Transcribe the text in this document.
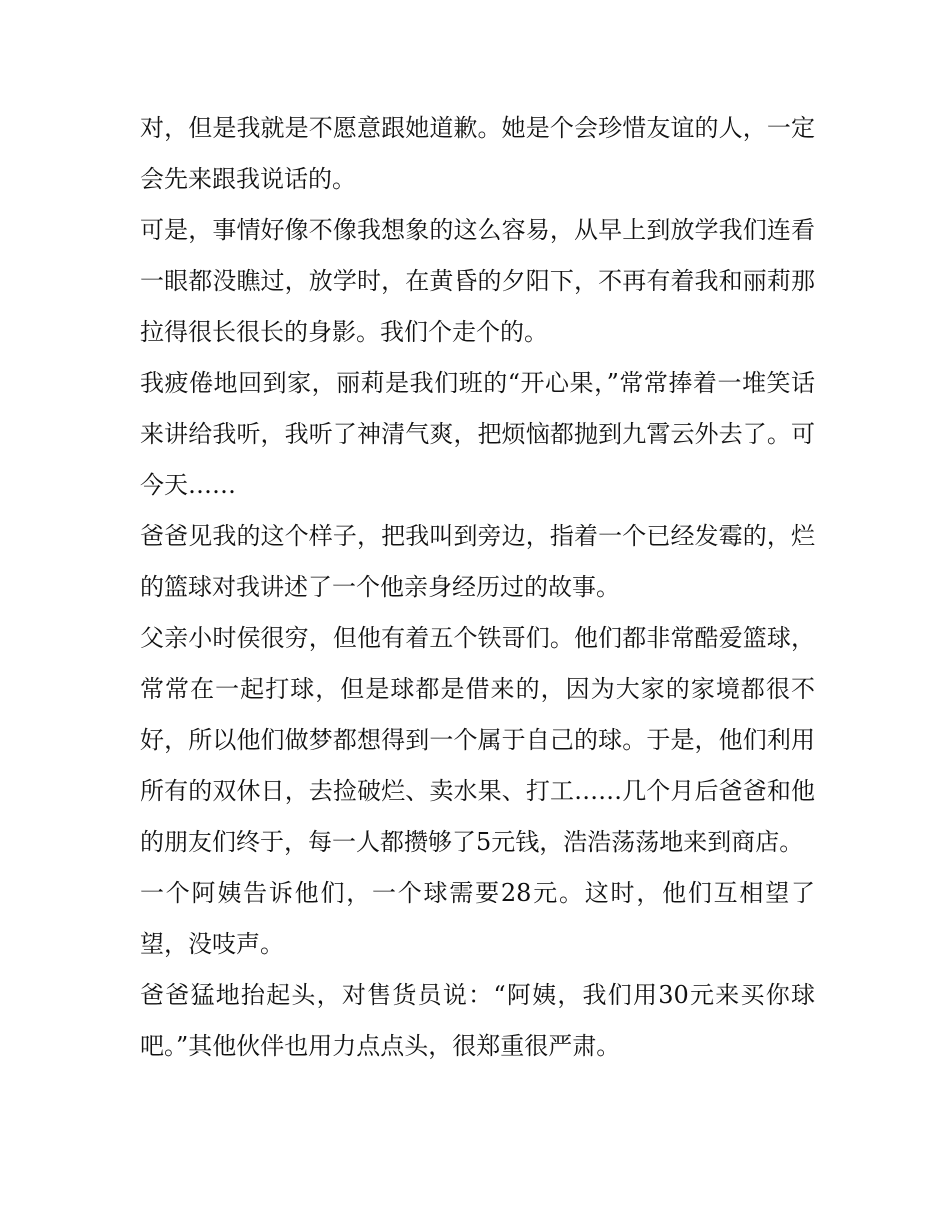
对，但是我就是不愿意跟她道歉。她是个会珍惜友谊的人，一定会先来跟我说话的。

可是，事情好像不像我想象的这么容易，从早上到放学我们连看一眼都没瞧过，放学时，在黄昏的夕阳下，不再有着我和丽莉那拉得很长很长的身影。我们个走个的。

我疲倦地回到家，丽莉是我们班的“开心果，”常常捧着一堆笑话来讲给我听，我听了神清气爽，把烦恼都抛到九霄云外去了。可今天……

爸爸见我的这个样子，把我叫到旁边，指着一个已经发霉的，烂的篮球对我讲述了一个他亲身经历过的故事。

父亲小时侯很穷，但他有着五个铁哥们。他们都非常酷爱篮球，常常在一起打球，但是球都是借来的，因为大家的家境都很不好，所以他们做梦都想得到一个属于自己的球。于是，他们利用所有的双休日，去捡破烂、卖水果、打工……几个月后爸爸和他的朋友们终于，每一人都攒够了5元钱，浩浩荡荡地来到商店。

一个阿姨告诉他们，一个球需要28元。这时，他们互相望了望，没吱声。

爸爸猛地抬起头，对售货员说：“阿姨，我们用30元来买你球吧。”其他伙伴也用力点点头，很郑重很严肃。
